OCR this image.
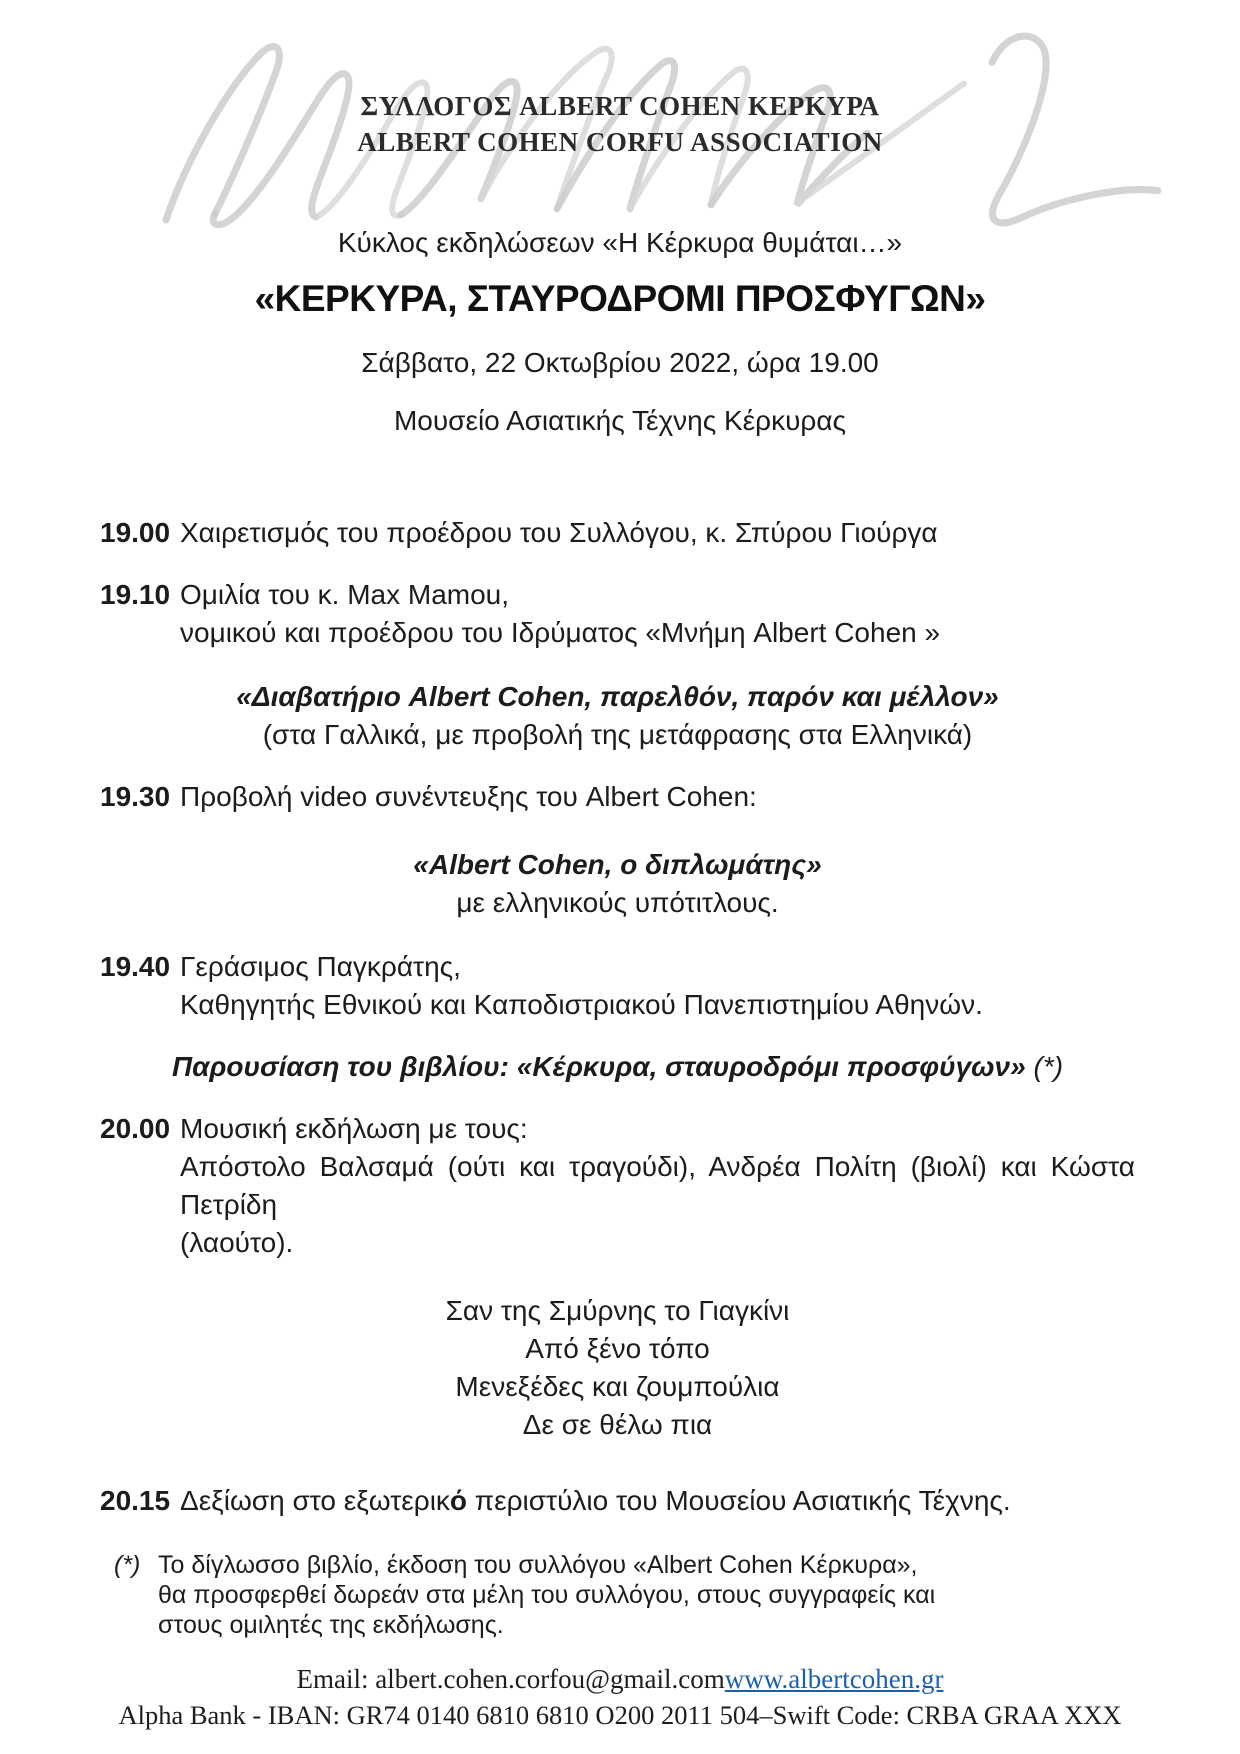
ΣΥΛΛΟΓΟΣ ALBERT COHEN ΚΕΡΚΥΡΑ
ALBERT COHEN CORFU ASSOCIATION
Κύκλος εκδηλώσεων «Η Κέρκυρα θυμάται…»
«ΚΕΡΚΥΡΑ, ΣΤΑΥΡΟΔΡΟΜΙ ΠΡΟΣΦΥΓΩΝ»
Σάββατο, 22 Οκτωβρίου 2022, ώρα 19.00
Μουσείο Ασιατικής Τέχνης Κέρκυρας
19.00 Χαιρετισμός του προέδρου του Συλλόγου, κ. Σπύρου Γιούργα
19.10 Ομιλία του κ. Max Mamou,
νομικού και προέδρου του Ιδρύματος «Μνήμη Albert Cohen »
«Διαβατήριο Albert Cohen, παρελθόν, παρόν και μέλλον»
(στα Γαλλικά, με προβολή της μετάφρασης στα Ελληνικά)
19.30 Προβολή video συνέντευξης του Albert Cohen:
«Albert Cohen, ο διπλωμάτης»
με ελληνικούς υπότιτλους.
19.40 Γεράσιμος Παγκράτης,
Καθηγητής Εθνικού και Καποδιστριακού Πανεπιστημίου Αθηνών.
Παρουσίαση του βιβλίου: «Κέρκυρα, σταυροδρόμι προσφύγων» (*)
20.00 Μουσική εκδήλωση με τους:
Απόστολο Βαλσαμά (ούτι και τραγούδι), Ανδρέα Πολίτη (βιολί) και Κώστα Πετρίδη
(λαούτο).
Σαν της Σμύρνης το Γιαγκίνι
Από ξένο τόπο
Μενεξέδες και ζουμπούλια
Δε σε θέλω πια
20.15 Δεξίωση στο εξωτερικό περιστύλιο του Μουσείου Ασιατικής Τέχνης.
(*) Το δίγλωσσο βιβλίο, έκδοση του συλλόγου «Albert Cohen Κέρκυρα»,
θα προσφερθεί δωρεάν στα μέλη του συλλόγου, στους συγγραφείς και
στους ομιλητές της εκδήλωσης.
Email: albert.cohen.corfou@gmail.comwww.albertcohen.gr
Alpha Bank - IBAN: GR74 0140 6810 6810 O200 2011 504–Swift Code: CRBA GRAA XXX
